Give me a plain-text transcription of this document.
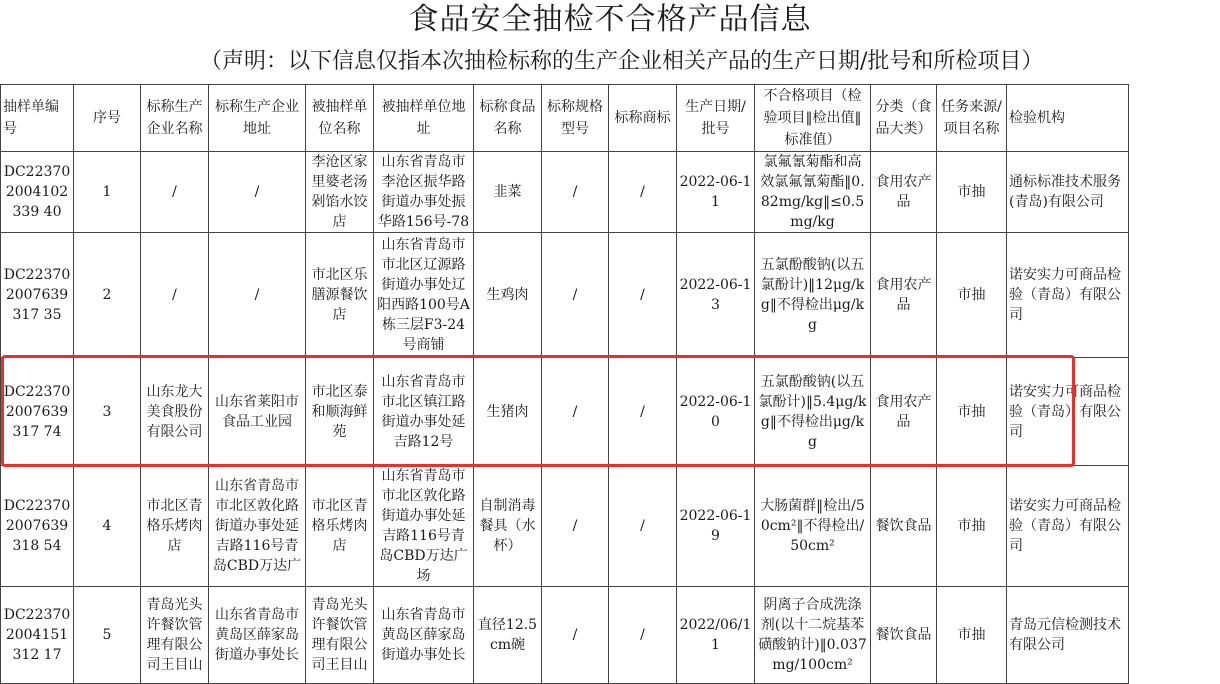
食品安全抽检不合格产品信息
（声明：以下信息仅指本次抽检标称的生产企业相关产品的生产日期/批号和所检项目）
抽样单编号	序号	标称生产企业名称	标称生产企业地址	被抽样单位名称	被抽样单位地址	标称食品名称	标称规格型号	标称商标	生产日期/批号	不合格项目（检验项目‖检出值‖标准值）	分类（食品大类）	任务来源/项目名称	检验机构
DC223702004102339 40	1	/	/	李沧区家里婆老汤剁馅水饺店	山东省青岛市李沧区振华路街道办事处振华路156号-78	韭菜	/	/	2022-06-11	氯氟氰菊酯和高效氯氟氰菊酯‖0.82mg/kg‖≤0.5mg/kg	食用农产品	市抽	通标标准技术服务(青岛)有限公司
DC223702007639317 35	2	/	/	市北区乐膳源餐饮店	山东省青岛市市北区辽源路街道办事处辽阳西路100号A栋三层F3-24号商铺	生鸡肉	/	/	2022-06-13	五氯酚酸钠(以五氯酚计)‖12μg/kg‖不得检出μg/kg	食用农产品	市抽	诺安实力可商品检验（青岛）有限公司
DC223702007639317 74	3	山东龙大美食股份有限公司	山东省莱阳市食品工业园	市北区泰和顺海鲜苑	山东省青岛市市北区镇江路街道办事处延吉路12号	生猪肉	/	/	2022-06-10	五氯酚酸钠(以五氯酚计)‖5.4μg/kg‖不得检出μg/kg	食用农产品	市抽	诺安实力可商品检验（青岛）有限公司
DC223702007639318 54	4	市北区青格乐烤肉店	山东省青岛市市北区敦化路街道办事处延吉路116号青岛CBD万达广	市北区青格乐烤肉店	山东省青岛市市北区敦化路街道办事处延吉路116号青岛CBD万达广场	自制消毒餐具（水杯）	/	/	2022-06-19	大肠菌群‖检出/50cm²‖不得检出/50cm²	餐饮食品	市抽	诺安实力可商品检验（青岛）有限公司
DC223702004151312 17	5	青岛光头许餐饮管理有限公司王目山	山东省青岛市黄岛区薛家岛街道办事处长	青岛光头许餐饮管理有限公司王目山	山东省青岛市黄岛区薛家岛街道办事处长	直径12.5cm碗	/	/	2022/06/11	阴离子合成洗涤剂(以十二烷基苯磺酸钠计)‖0.037mg/100cm²	餐饮食品	市抽	青岛元信检测技术有限公司
